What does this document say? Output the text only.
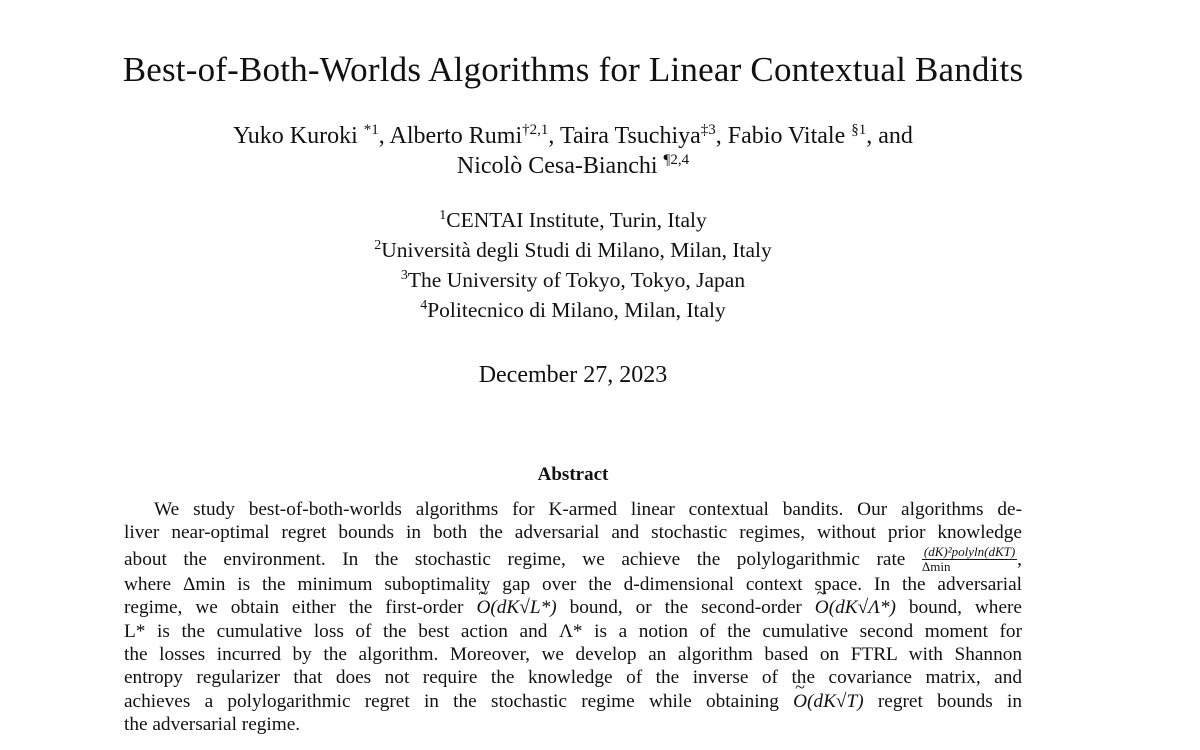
Best-of-Both-Worlds Algorithms for Linear Contextual Bandits
Yuko Kuroki $^{*1}$, Alberto Rumi$^{\dagger 2,1}$, Taira Tsuchiya$^{\ddagger 3}$, Fabio Vitale $^{\S 1}$, and
Nicolò Cesa-Bianchi $^{\P 2,4}$
$^1$CENTAI Institute, Turin, Italy
$^2$Università degli Studi di Milano, Milan, Italy
$^3$The University of Tokyo, Tokyo, Japan
$^4$Politecnico di Milano, Milan, Italy
December 27, 2023
Abstract
We study best-of-both-worlds algorithms for K-armed linear contextual bandits. Our algorithms de-
liver near-optimal regret bounds in both the adversarial and stochastic regimes, without prior knowledge
about the environment. In the stochastic regime, we achieve the polylogarithmic rate $\frac{\text{(dK)²polyln(dKT)}}{\Delta\min}$ ,
where Δmin is the minimum suboptimality gap over the d-dimensional context space. In the adversarial
regime, we obtain either the first-order ~ O(dK√L*) bound, or the second-order ~ O(dK√Λ*) bound, where
L* is the cumulative loss of the best action and Λ* is a notion of the cumulative second moment for
the losses incurred by the algorithm. Moreover, we develop an algorithm based on FTRL with Shannon
entropy regularizer that does not require the knowledge of the inverse of the covariance matrix, and
achieves a polylogarithmic regret in the stochastic regime while obtaining ~ O(dK√T) regret bounds in
the adversarial regime.
